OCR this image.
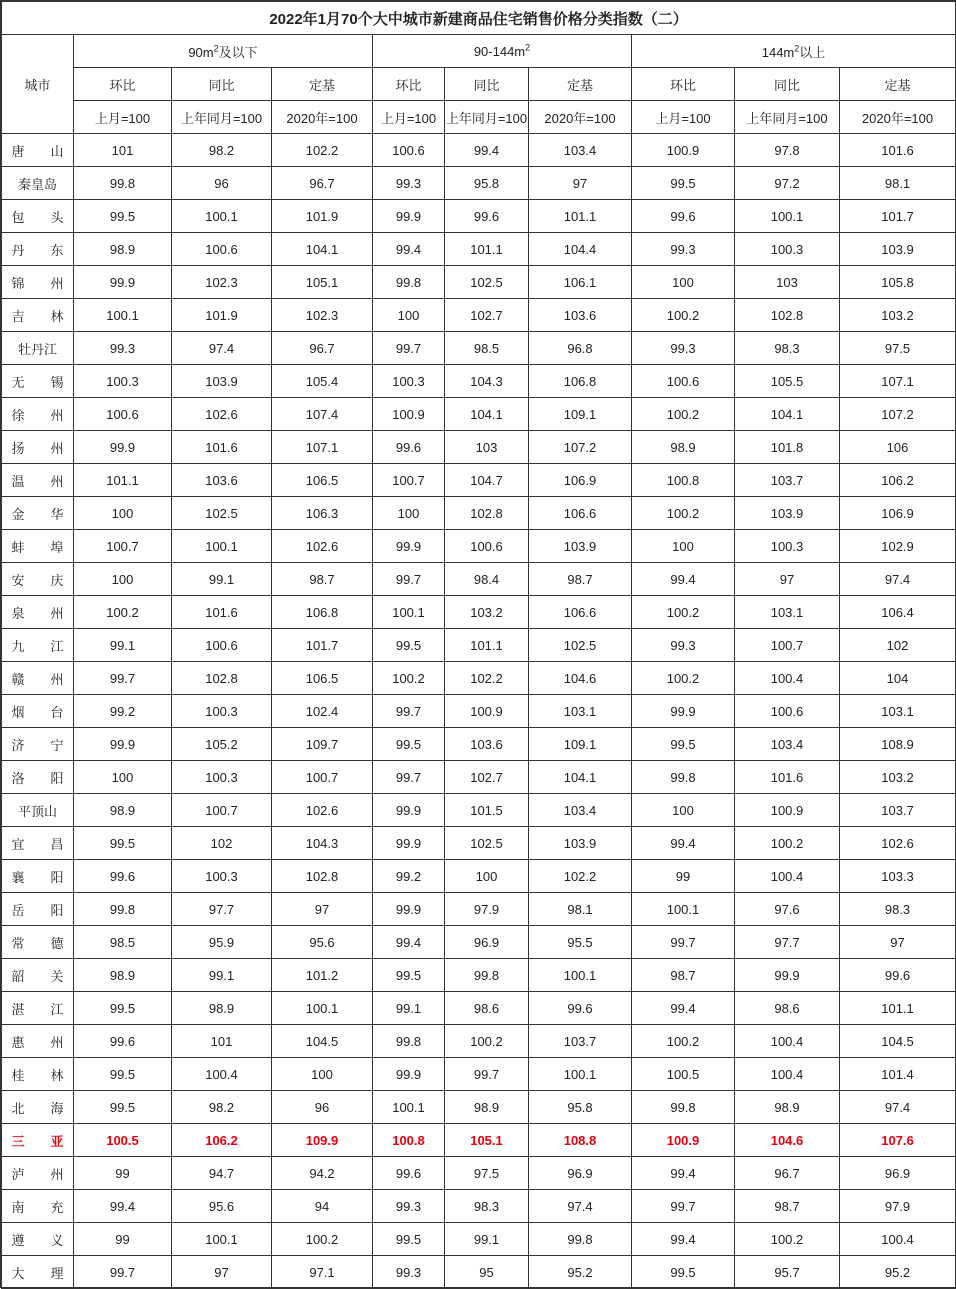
2022年1月70个大中城市新建商品住宅销售价格分类指数（二）									
城市	$90m^2$及以下			$90-144m^2$			$144m^2$以上		
	环比	同比	定基	环比	同比	定基	环比	同比	定基
	上月=100	上年同月=100	2020年=100	上月=100	上年同月=100	2020年=100	上月=100	上年同月=100	2020年=100
唐　　山	101	98.2	102.2	100.6	99.4	103.4	100.9	97.8	101.6
秦皇岛	99.8	96	96.7	99.3	95.8	97	99.5	97.2	98.1
包　　头	99.5	100.1	101.9	99.9	99.6	101.1	99.6	100.1	101.7
丹　　东	98.9	100.6	104.1	99.4	101.1	104.4	99.3	100.3	103.9
锦　　州	99.9	102.3	105.1	99.8	102.5	106.1	100	103	105.8
吉　　林	100.1	101.9	102.3	100	102.7	103.6	100.2	102.8	103.2
牡丹江	99.3	97.4	96.7	99.7	98.5	96.8	99.3	98.3	97.5
无　　锡	100.3	103.9	105.4	100.3	104.3	106.8	100.6	105.5	107.1
徐　　州	100.6	102.6	107.4	100.9	104.1	109.1	100.2	104.1	107.2
扬　　州	99.9	101.6	107.1	99.6	103	107.2	98.9	101.8	106
温　　州	101.1	103.6	106.5	100.7	104.7	106.9	100.8	103.7	106.2
金　　华	100	102.5	106.3	100	102.8	106.6	100.2	103.9	106.9
蚌　　埠	100.7	100.1	102.6	99.9	100.6	103.9	100	100.3	102.9
安　　庆	100	99.1	98.7	99.7	98.4	98.7	99.4	97	97.4
泉　　州	100.2	101.6	106.8	100.1	103.2	106.6	100.2	103.1	106.4
九　　江	99.1	100.6	101.7	99.5	101.1	102.5	99.3	100.7	102
赣　　州	99.7	102.8	106.5	100.2	102.2	104.6	100.2	100.4	104
烟　　台	99.2	100.3	102.4	99.7	100.9	103.1	99.9	100.6	103.1
济　　宁	99.9	105.2	109.7	99.5	103.6	109.1	99.5	103.4	108.9
洛　　阳	100	100.3	100.7	99.7	102.7	104.1	99.8	101.6	103.2
平顶山	98.9	100.7	102.6	99.9	101.5	103.4	100	100.9	103.7
宜　　昌	99.5	102	104.3	99.9	102.5	103.9	99.4	100.2	102.6
襄　　阳	99.6	100.3	102.8	99.2	100	102.2	99	100.4	103.3
岳　　阳	99.8	97.7	97	99.9	97.9	98.1	100.1	97.6	98.3
常　　德	98.5	95.9	95.6	99.4	96.9	95.5	99.7	97.7	97
韶　　关	98.9	99.1	101.2	99.5	99.8	100.1	98.7	99.9	99.6
湛　　江	99.5	98.9	100.1	99.1	98.6	99.6	99.4	98.6	101.1
惠　　州	99.6	101	104.5	99.8	100.2	103.7	100.2	100.4	104.5
桂　　林	99.5	100.4	100	99.9	99.7	100.1	100.5	100.4	101.4
北　　海	99.5	98.2	96	100.1	98.9	95.8	99.8	98.9	97.4
三　　亚	100.5	106.2	109.9	100.8	105.1	108.8	100.9	104.6	107.6
泸　　州	99	94.7	94.2	99.6	97.5	96.9	99.4	96.7	96.9
南　　充	99.4	95.6	94	99.3	98.3	97.4	99.7	98.7	97.9
遵　　义	99	100.1	100.2	99.5	99.1	99.8	99.4	100.2	100.4
大　　理	99.7	97	97.1	99.3	95	95.2	99.5	95.7	95.2
